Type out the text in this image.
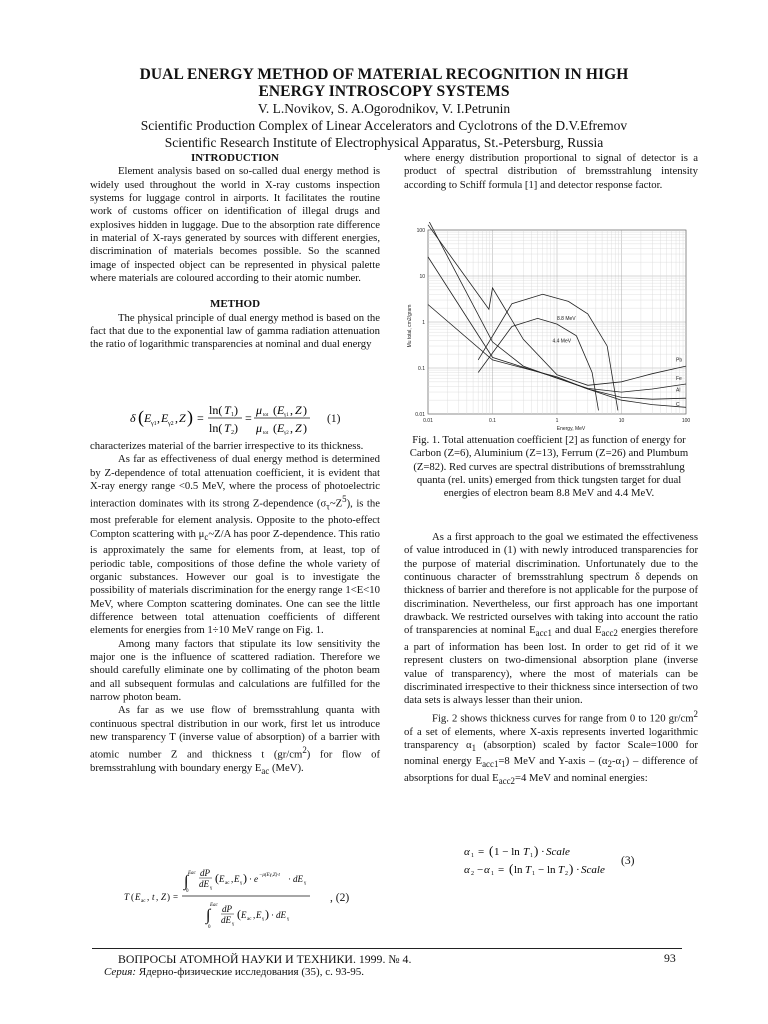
DUAL ENERGY METHOD OF MATERIAL RECOGNITION IN HIGH
ENERGY INTROSCOPY SYSTEMS
V. L.Novikov, S. A.Ogorodnikov, V. I.Petrunin
Scientific Production Complex of Linear Accelerators and Cyclotrons of the D.V.Efremov
Scientific Research Institute of Electrophysical Apparatus, St.-Petersburg, Russia

INTRODUCTION

Element analysis based on so-called dual energy method is widely used throughout the world in X-ray customs inspection systems for luggage control in airports. It facilitates the routine work of customs officer on identification of illegal drugs and explosives hidden in luggage. Due to the absorption rate difference in material of X-rays generated by sources with different energies, discrimination of materials becomes possible. So the scanned image of inspected object can be represented in physical palette where materials are coloured according to their atomic number.

METHOD

The physical principle of dual energy method is based on the fact that due to the exponential law of gamma radiation attenuation the ratio of logarithmic transparencies at nominal and dual energy

characterizes material of the barrier irrespective to its thickness.

As far as effectiveness of dual energy method is determined by Z-dependence of total attenuation coefficient, it is evident that X-ray energy range <0.5 MeV, where the process of photoelectric interaction dominates with its strong Z-dependence $(\sigma_\tau\sim Z^5)$, is the most preferable for element analysis. Opposite to the photo-effect Compton scattering with $\mu_c\sim Z/A$ has poor Z-dependence. This ratio is approximately the same for elements from, at least, top of periodic table, compositions of those define the whole variety of organic substances. However our goal is to investigate the possibility of materials discrimination for the energy range 1<E<10 MeV, where Compton scattering dominates. One can see the little difference between total attenuation coefficients of different elements for energies from 1÷10 MeV range on Fig. 1.

Among many factors that stipulate its low sensitivity the major one is the influence of scattered radiation. Therefore we should carefully eliminate one by collimating of the photon beam and all subsequent formulas and calculations are fulfilled for the narrow photon beam.

As far as we use flow of bremsstrahlung quanta with continuous spectral distribution in our work, first let us introduce new transparency T (inverse value of absorption) of a barrier with atomic number Z and thickness t $(gr/cm^2)$ for flow of bremsstrahlung with boundary energy $E_{ac}$ (MeV).

δ ( E γ1 , E γ2 , Z ) =
ln( T 1 )
ln( T 2 )
=
μ tot ( E γ1 , Z )
μ tot ( E γ2 , Z )
(1)
T ( E ac , t , Z ) =
Eac
∫
0
dP
dE γ
( E ac , E γ ) · e −μ(Eγ,Z)·t · dE γ
Eac
∫
0
dP
dE γ
( E ac , E γ ) · dE γ
, (2)

where energy distribution proportional to signal of detector is a product of spectral distribution of bremsstrahlung intensity according to Schiff formula [1] and detector response factor.

Pb
Fe
Al
C
8.8 MeV
4.4 MeV
100
10
1
0.1
0.01
0.01	0.1	1	10	100
Mu total, cm2/gram
Energy, MeV
Fig. 1. Total attenuation coefficient [2] as function of energy for Carbon (Z=6), Aluminium (Z=13), Ferrum (Z=26) and Plumbum (Z=82). Red curves are spectral distributions of bremsstrahlung quanta (rel. units) emerged from thick tungsten target for dual energies of electron beam 8.8 MeV and 4.4 MeV.

As a first approach to the goal we estimated the effectiveness of value introduced in (1) with newly introduced transparencies for the purpose of material discrimination. Unfortunately due to the continuous character of bremsstrahlung spectrum δ depends on thickness of barrier and therefore is not applicable for the purpose of discrimination. Nevertheless, our first approach has one important drawback. We restricted ourselves with taking into account the ratio of transparencies at nominal $E_{acc1}$ and dual $E_{acc2}$ energies therefore a part of information has been lost. In order to get rid of it we represent clusters on two-dimensional absorption plane (inverse value of transparency), where the most of materials can be discriminated irrespective to their thickness since intersection of two data sets is always lesser than their union.

Fig. 2 shows thickness curves for range from 0 to 120 $gr/cm^2$ of a set of elements, where X-axis represents inverted logarithmic transparency $\alpha_1$ (absorption) scaled by factor Scale=1000 for nominal energy $E_{acc1}=8$ MeV and Y-axis – $(\alpha_2-\alpha_1)$ – difference of absorptions for dual $E_{acc2}=4$ MeV and nominal energies:

α 1 = ( 1 − ln T 1 ) · Scale
α 2 − α 1 = ( ln T 1 − ln T 2 ) · Scale
(3)
ВОПРОСЫ АТОМНОЙ НАУКИ И ТЕХНИКИ. 1999. № 4.	93
Серия: Ядерно-физические исследования (35), с. 93-95.
